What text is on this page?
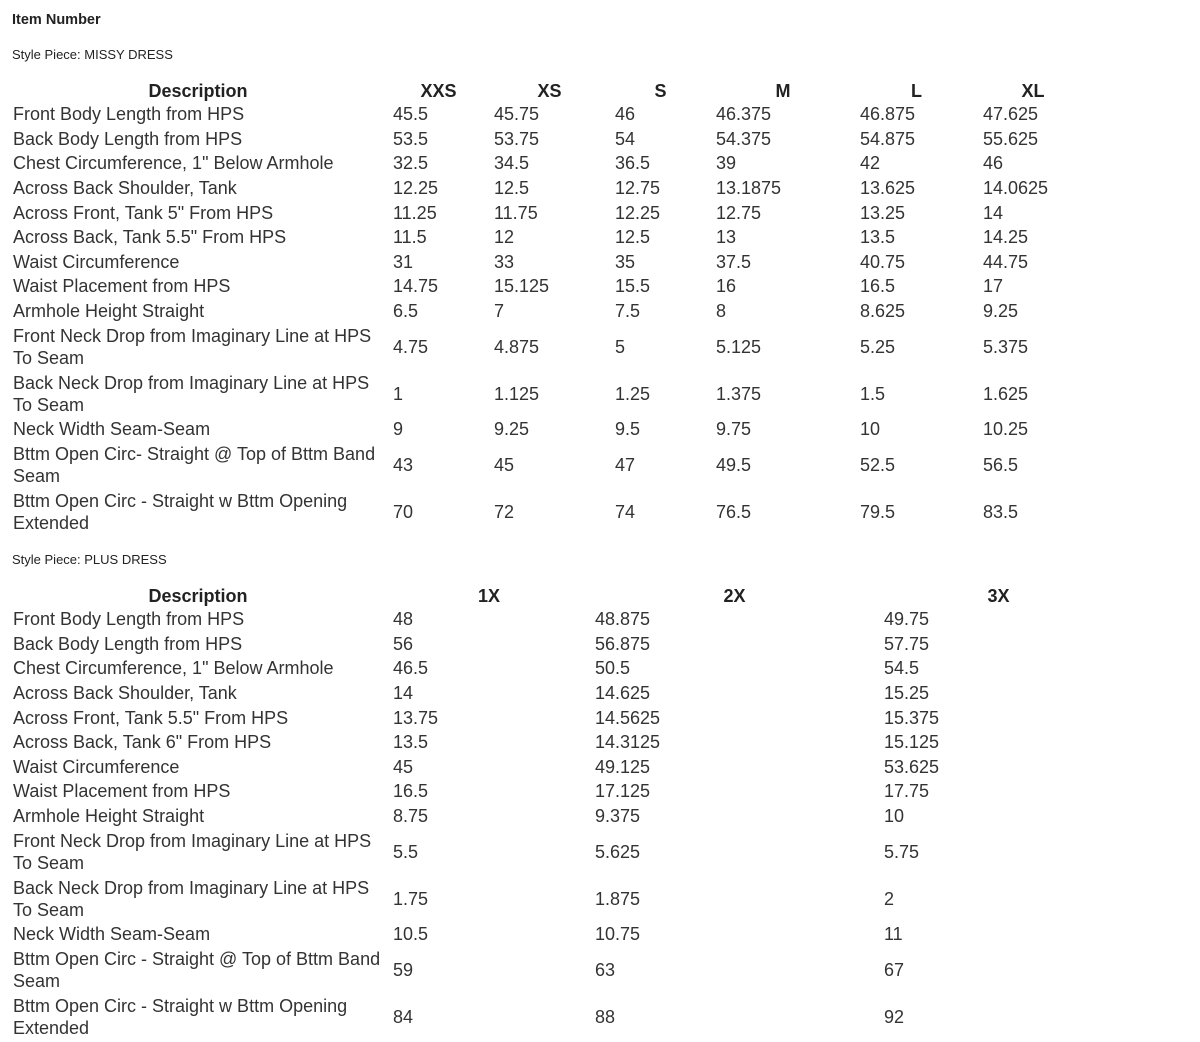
Item Number
Style Piece: MISSY DRESS
Description	XXS	XS	S	M	L	XL
Front Body Length from HPS	45.5	45.75	46	46.375	46.875	47.625
Back Body Length from HPS	53.5	53.75	54	54.375	54.875	55.625
Chest Circumference, 1" Below Armhole	32.5	34.5	36.5	39	42	46
Across Back Shoulder, Tank	12.25	12.5	12.75	13.1875	13.625	14.0625
Across Front, Tank 5" From HPS	11.25	11.75	12.25	12.75	13.25	14
Across Back, Tank 5.5" From HPS	11.5	12	12.5	13	13.5	14.25
Waist Circumference	31	33	35	37.5	40.75	44.75
Waist Placement from HPS	14.75	15.125	15.5	16	16.5	17
Armhole Height Straight	6.5	7	7.5	8	8.625	9.25
Front Neck Drop from Imaginary Line at HPS To Seam	4.75	4.875	5	5.125	5.25	5.375
Back Neck Drop from Imaginary Line at HPS To Seam	1	1.125	1.25	1.375	1.5	1.625
Neck Width Seam-Seam	9	9.25	9.5	9.75	10	10.25
Bttm Open Circ- Straight @ Top of Bttm Band Seam	43	45	47	49.5	52.5	56.5
Bttm Open Circ - Straight w Bttm Opening Extended	70	72	74	76.5	79.5	83.5
Style Piece: PLUS DRESS
Description	1X	2X	3X
Front Body Length from HPS	48	48.875	49.75
Back Body Length from HPS	56	56.875	57.75
Chest Circumference, 1" Below Armhole	46.5	50.5	54.5
Across Back Shoulder, Tank	14	14.625	15.25
Across Front, Tank 5.5" From HPS	13.75	14.5625	15.375
Across Back, Tank 6" From HPS	13.5	14.3125	15.125
Waist Circumference	45	49.125	53.625
Waist Placement from HPS	16.5	17.125	17.75
Armhole Height Straight	8.75	9.375	10
Front Neck Drop from Imaginary Line at HPS To Seam	5.5	5.625	5.75
Back Neck Drop from Imaginary Line at HPS To Seam	1.75	1.875	2
Neck Width Seam-Seam	10.5	10.75	11
Bttm Open Circ - Straight @ Top of Bttm Band Seam	59	63	67
Bttm Open Circ - Straight w Bttm Opening Extended	84	88	92
